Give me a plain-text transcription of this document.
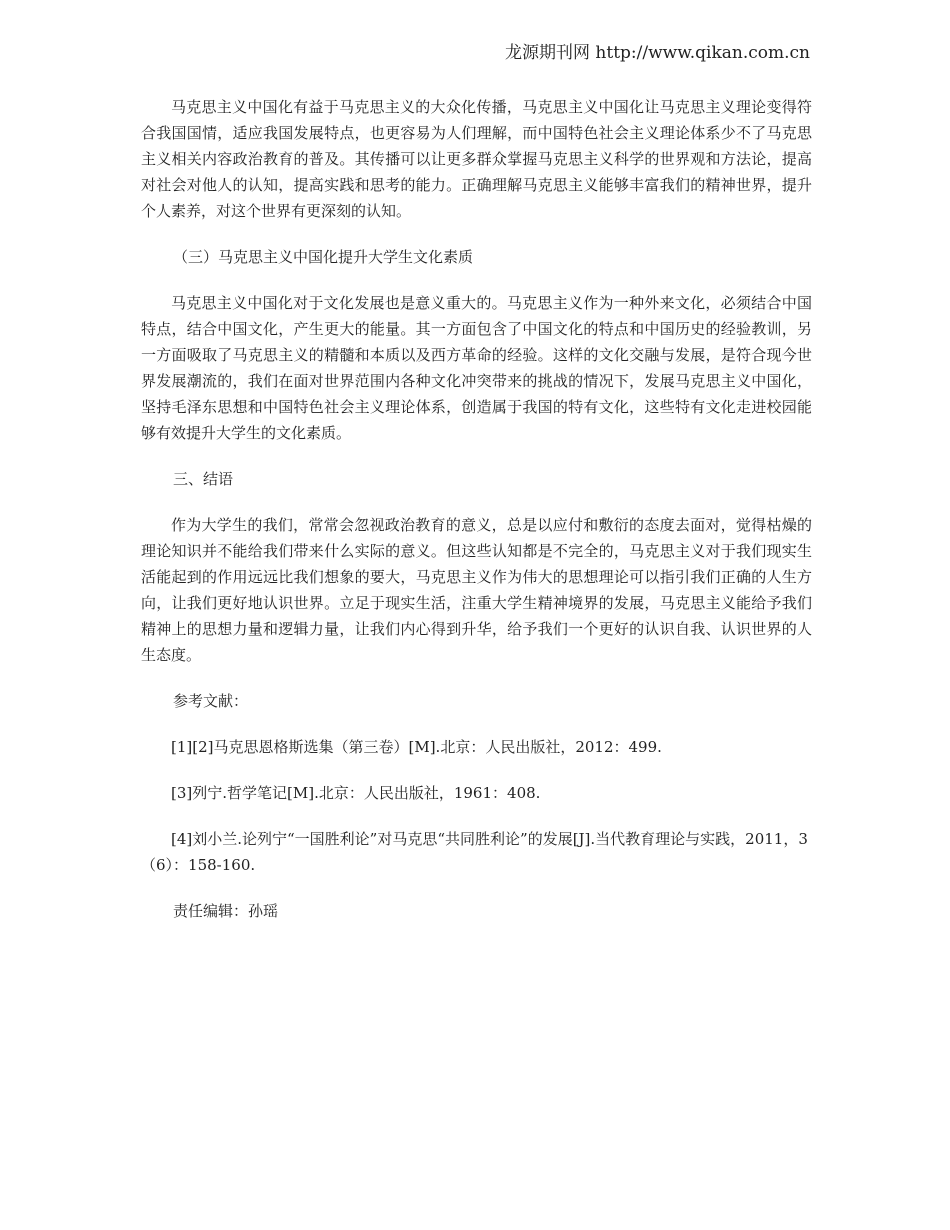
龙源期刊网 http://www.qikan.com.cn

马克思主义中国化有益于马克思主义的大众化传播，马克思主义中国化让马克思主义理论变得符合我国国情，适应我国发展特点，也更容易为人们理解，而中国特色社会主义理论体系少不了马克思主义相关内容政治教育的普及。其传播可以让更多群众掌握马克思主义科学的世界观和方法论，提高对社会对他人的认知，提高实践和思考的能力。正确理解马克思主义能够丰富我们的精神世界，提升个人素养，对这个世界有更深刻的认知。

（三）马克思主义中国化提升大学生文化素质

马克思主义中国化对于文化发展也是意义重大的。马克思主义作为一种外来文化，必须结合中国特点，结合中国文化，产生更大的能量。其一方面包含了中国文化的特点和中国历史的经验教训，另一方面吸取了马克思主义的精髓和本质以及西方革命的经验。这样的文化交融与发展，是符合现今世界发展潮流的，我们在面对世界范围内各种文化冲突带来的挑战的情况下，发展马克思主义中国化，坚持毛泽东思想和中国特色社会主义理论体系，创造属于我国的特有文化，这些特有文化走进校园能够有效提升大学生的文化素质。

三、结语

作为大学生的我们，常常会忽视政治教育的意义，总是以应付和敷衍的态度去面对，觉得枯燥的理论知识并不能给我们带来什么实际的意义。但这些认知都是不完全的，马克思主义对于我们现实生活能起到的作用远远比我们想象的要大，马克思主义作为伟大的思想理论可以指引我们正确的人生方向，让我们更好地认识世界。立足于现实生活，注重大学生精神境界的发展，马克思主义能给予我们精神上的思想力量和逻辑力量，让我们内心得到升华，给予我们一个更好的认识自我、认识世界的人生态度。

参考文献：

[1][2]马克思恩格斯选集（第三卷）[M].北京：人民出版社，2012：499.

[3]列宁.哲学笔记[M].北京：人民出版社，1961：408.

[4]刘小兰.论列宁“一国胜利论”对马克思“共同胜利论”的发展[J].当代教育理论与实践，2011，3（6）：158-160.

责任编辑：孙瑶
